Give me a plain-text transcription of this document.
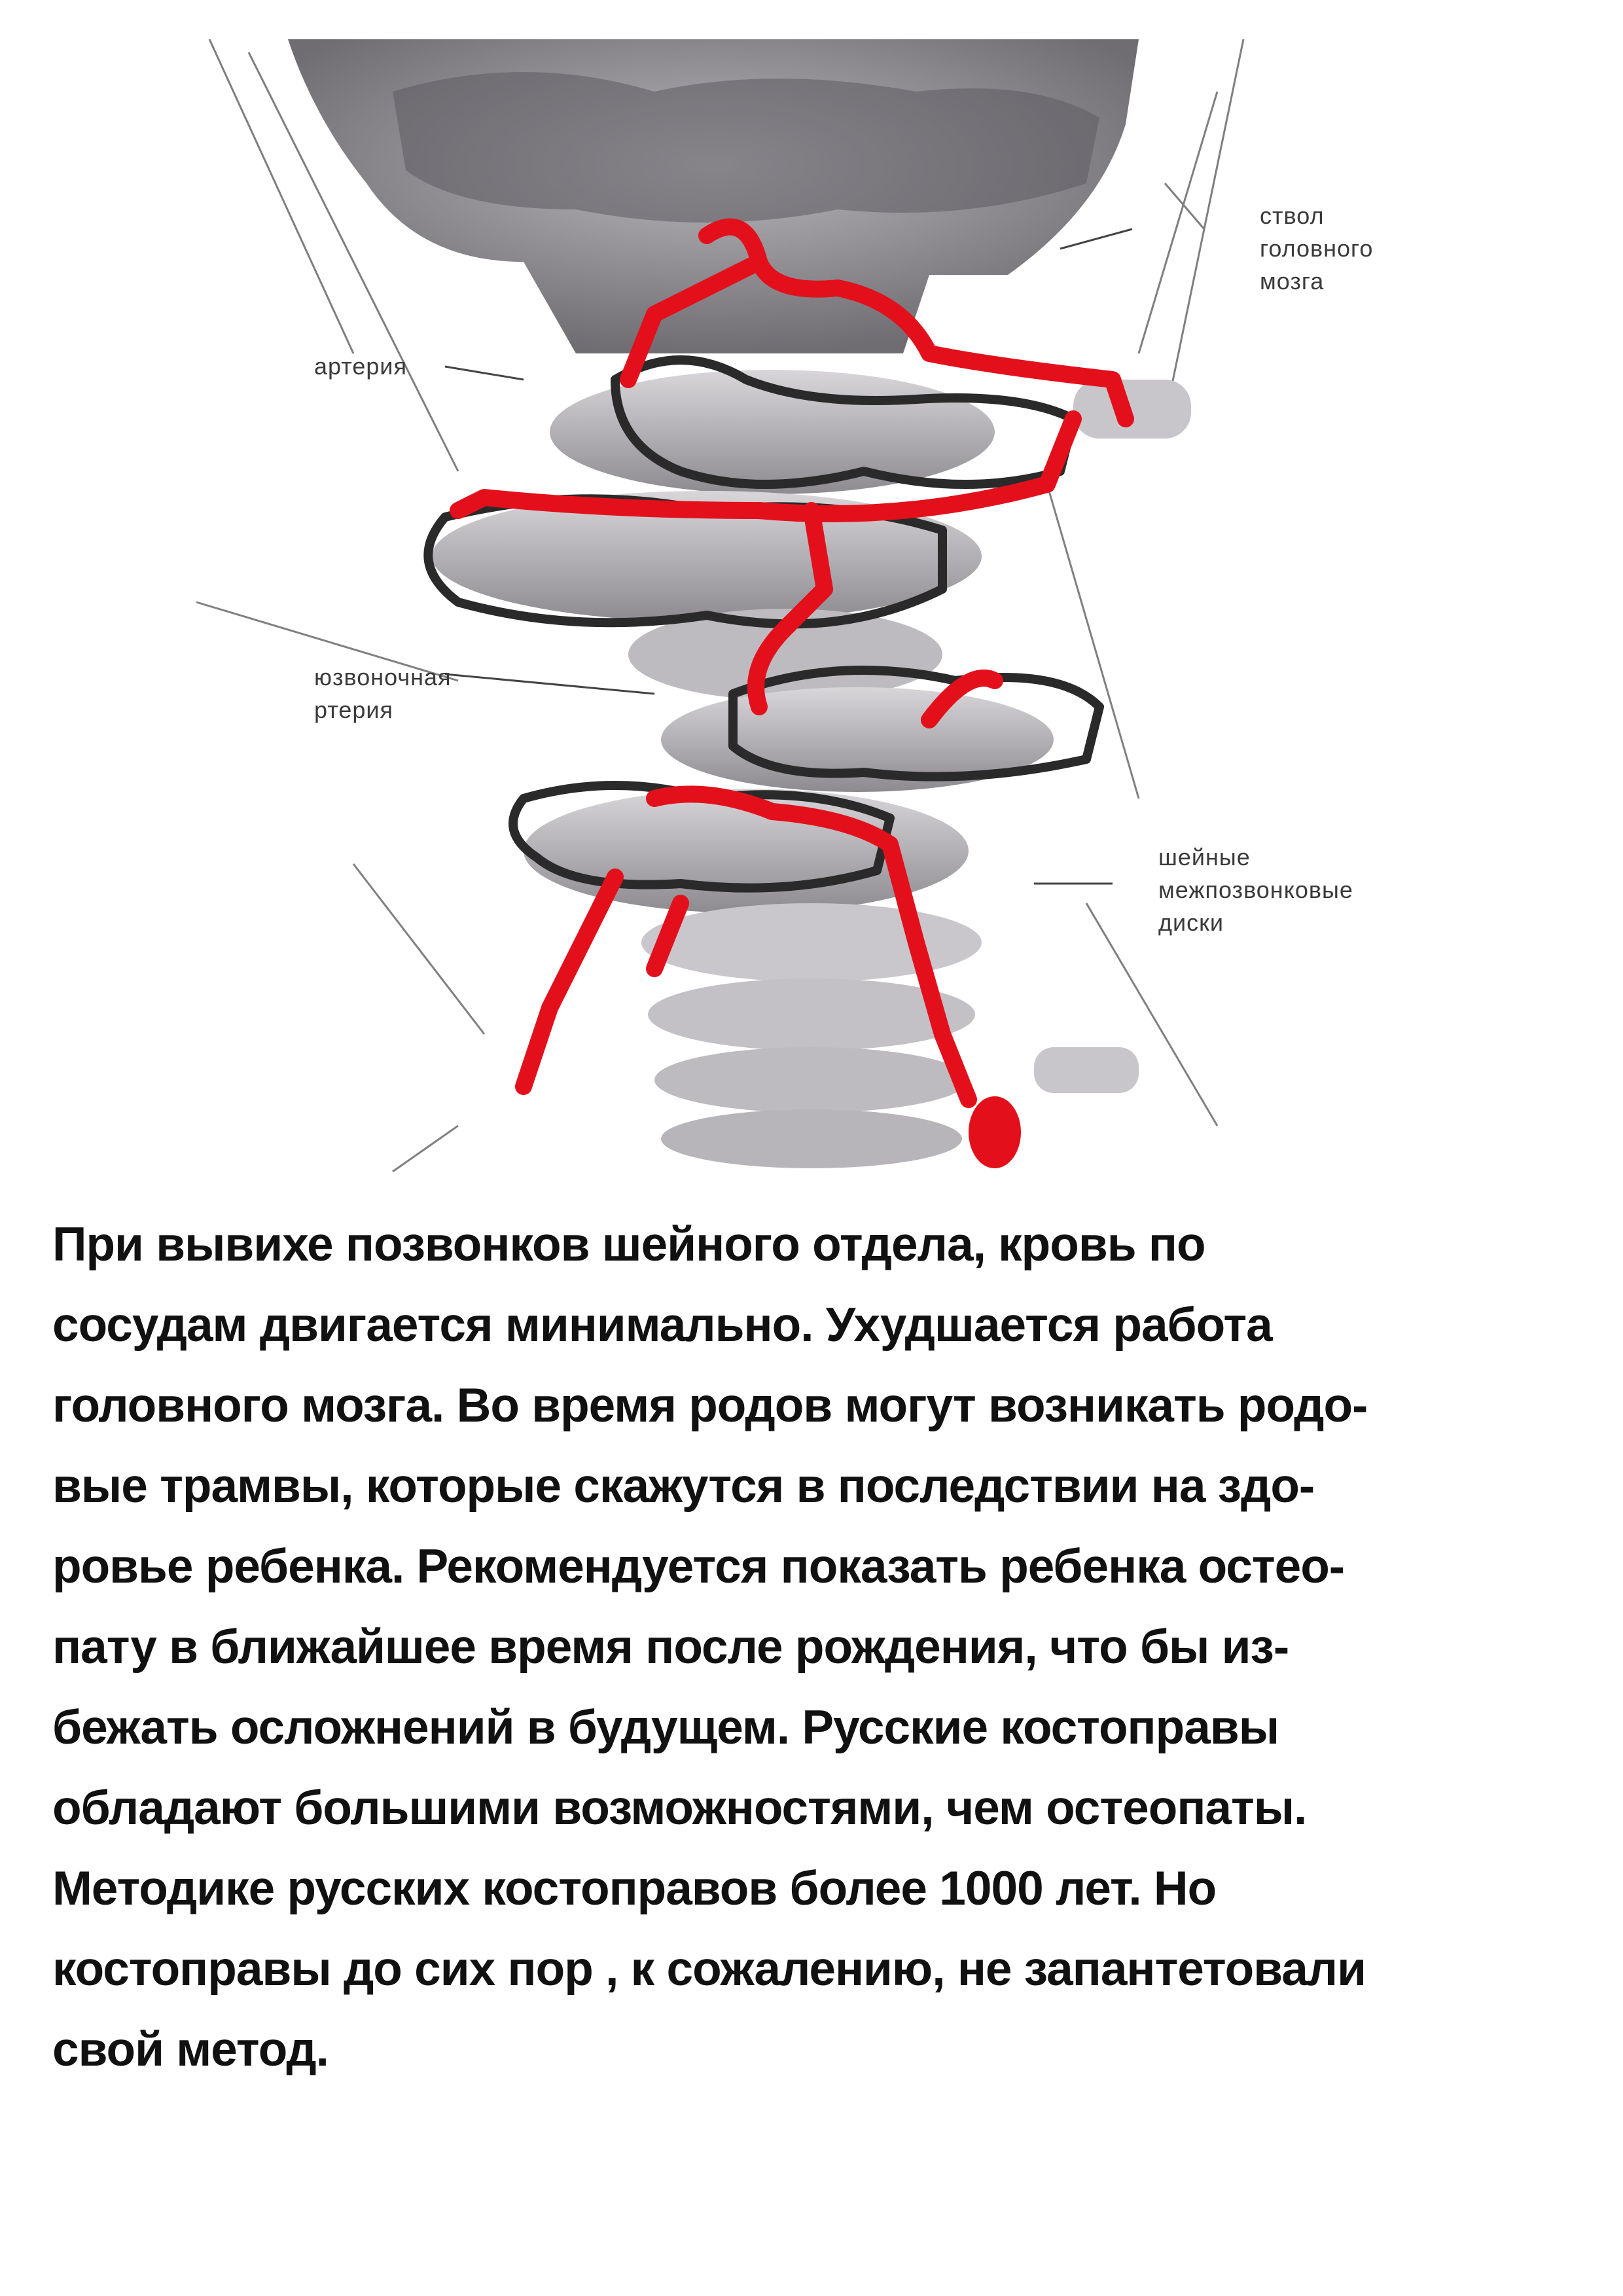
артерия
юзвоночная
ртерия
ствол
головного
мозга
шейные
межпозвонковые
диски
При вывихе позвонков шейного отдела, кровь по
сосудам двигается минимально. Ухудшается работа
головного мозга. Во время родов могут возникать родо-
вые трамвы, которые скажутся в последствии на здо-
ровье ребенка. Рекомендуется показать ребенка остео-
пату в ближайшее время после рождения, что бы из-
бежать осложнений в будущем. Русские костоправы
обладают большими возможностями, чем остеопаты.
Методике русских костоправов более 1000 лет. Но
костоправы до сих пор , к сожалению, не запантетовали
свой метод.
